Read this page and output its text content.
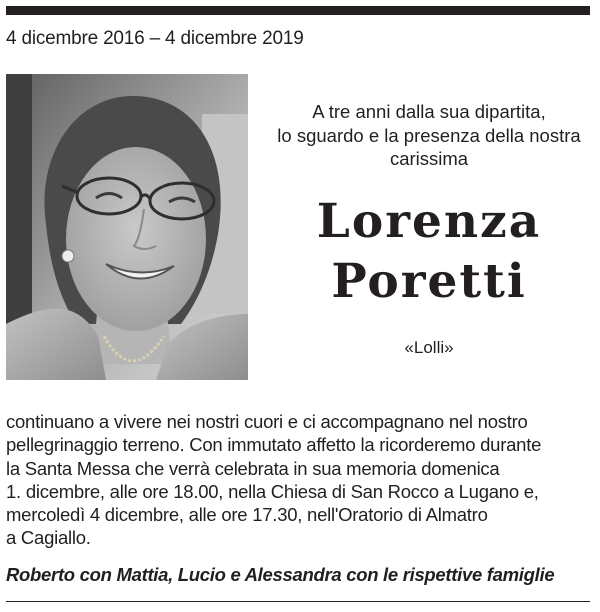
4 dicembre 2016 – 4 dicembre 2019
A tre anni dalla sua dipartita,
lo sguardo e la presenza della nostra
carissima
Lorenza
Poretti
«Lolli»
continuano a vivere nei nostri cuori e ci accompagnano nel nostro
pellegrinaggio terreno. Con immutato affetto la ricorderemo durante
la Santa Messa che verrà celebrata in sua memoria domenica
1. dicembre, alle ore 18.00, nella Chiesa di San Rocco a Lugano e,
mercoledì 4 dicembre, alle ore 17.30, nell'Oratorio di Almatro
a Cagiallo.
Roberto con Mattia, Lucio e Alessandra con le rispettive famiglie
